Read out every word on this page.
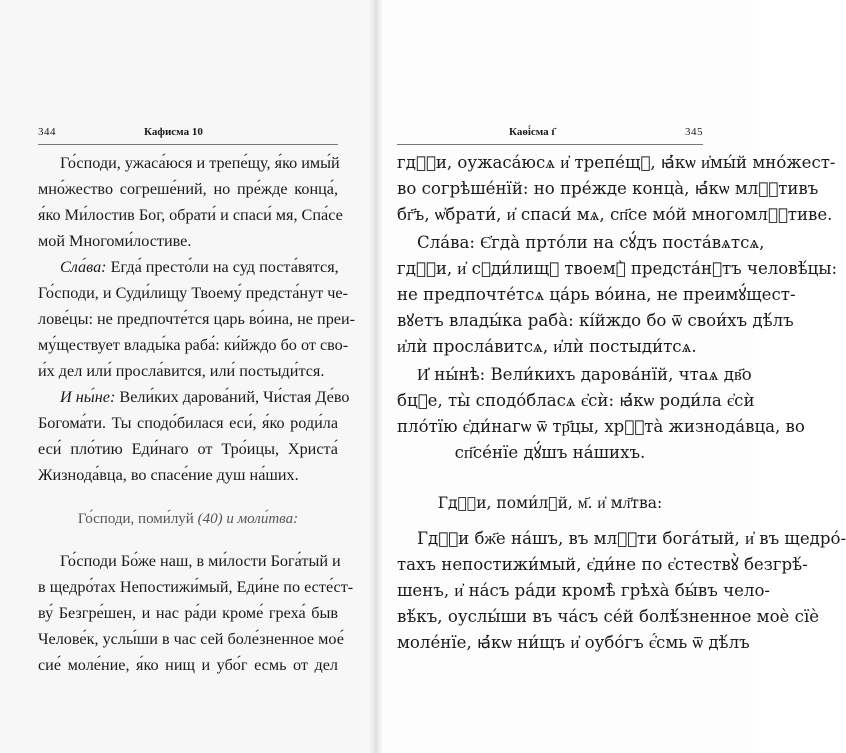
344	Кафисма 10
Го́споди, ужаса́юся и трепе́щу, я́ко имы́й
мно́жество согреше́ний, но пре́жде конца́,
я́ко Ми́лостив Бог, обрати́ и спаси́ мя, Спа́се
мой Многоми́лостиве.
Сла́ва: Егда́ престо́ли на суд поста́вятся,
Го́споди, и Суди́лищу Твоему́ предста́нут че-
лове́цы: не предпочте́тся царь во́ина, не преи-
му́ществует влады́ка раба́: ки́йждо бо от сво-
и́х дел или́ просла́вится, или́ постыди́тся.
И ны́не: Вели́ких дарова́ний, Чи́стая Де́во
Богома́ти. Ты сподо́билася еси́, я́ко роди́ла
еси́ пло́тию Еди́наго от Тро́ицы, Христа́
Жизнода́вца, во спасе́ние душ на́ших.
Го́споди, поми́луй (40) и моли́тва:
Го́споди Бо́же наш, в ми́лости Бога́тый и
в щедро́тах Непостижи́мый, Еди́не по есте́ст-
ву́ Безгре́шен, и нас ра́ди кроме́ греха́ быв
Челове́к, услы́ши в час сей боле́зненное мое́
сие́ моле́ние, я́ко нищ и убо́г есмь от дел
Каѳі́сма ı҃	345
гдⷭ҇и, оужаса́юсѧ и҆ трепе́щꙋ, ꙗ҆́кѡ и҆мы́й мно́жест-
во согрѣше́нїй: но пре́жде конца̀, ꙗ҆́кѡ млⷭ҇тивъ
бг҃ъ, ѡ҆брати́, и҆ спаси́ мѧ, сп҃се мо́й многомлⷭ҇тиве.
Сла́ва: Є҆гда̀ прто́ли на сꙋ́дъ поста́вѧтсѧ,
гдⷭ҇и, и҆ сꙋди́лищꙋ твоемꙋ̀ предста́нꙋтъ человѣ́цы:
не предпочте́тсѧ ца́рь во́ина, не преимꙋ́щест-
вꙋетъ влады́ка раба̀: кі́йждо бо ѿ свои́хъ дѣ́лъ
и҆лѝ просла́витсѧ, и҆лѝ постыди́тсѧ.
И҆ ны́нѣ: Вели́кихъ дарова́нїй, чтаѧ дв҃о
бцⷣе, ты̀ сподо́бласѧ є҆сѝ: ꙗ҆́кѡ роди́ла є҆сѝ
пло́тїю є҆ди́нагѡ ѿ тр҃цы, хрⷭ҇та̀ жизнода́вца, во
сп҃се́нїе дꙋ́шъ на́шихъ.
Гдⷭ҇и, поми́лꙋй, м҃. и҆ мл҃тва:
Гдⷭ҇и бж҃е на́шъ, въ млⷭ҇ти бога́тый, и҆ въ щедро́-
тахъ непостижи́мый, є҆ди́не по є҆стествꙋ̀ безгрѣ́-
шенъ, и҆ на́съ ра́ди кромѣ̀ грѣха̀ бы́въ чело-
вѣ́къ, оуслы́ши въ ча́съ се́й болѣ́зненное моѐ сїѐ
моле́нїе, ꙗ҆́кѡ ни́щъ и҆ оубо́гъ є҆́смь ѿ дѣ́лъ
